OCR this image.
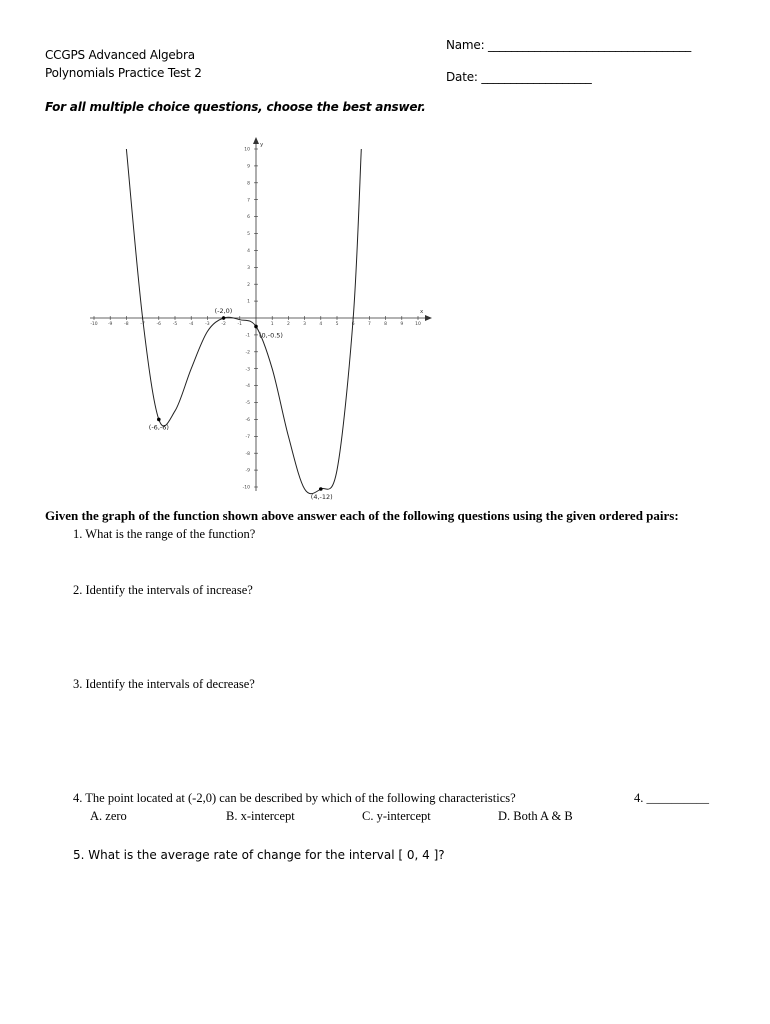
CCGPS Advanced Algebra
Polynomials Practice Test 2
Name: ___________________________________
Date: ___________________
For all multiple choice questions, choose the best answer.
x
y
-10 -9	-8	-7	-6	-5	-4	-3	-2	-1	1	2	3	4	5	6	7	8	9	10
-10
-9
-8
-7
-6
-5
-4
-3
-2
-1
1
2
3
4
5
6
7
8
9
10
(-2,0)
(0,-0.5)
(-6,-6)
(4,-12)
Given the graph of the function shown above answer each of the following questions using the given ordered pairs:
1. What is the range of the function?
2. Identify the intervals of increase?
3. Identify the intervals of decrease?
4. The point located at (-2,0) can be described by which of the following characteristics?	4. __________
A. zero	B. x-intercept	C. y-intercept	D. Both A & B
5. What is the average rate of change for the interval [ 0, 4 ]?
